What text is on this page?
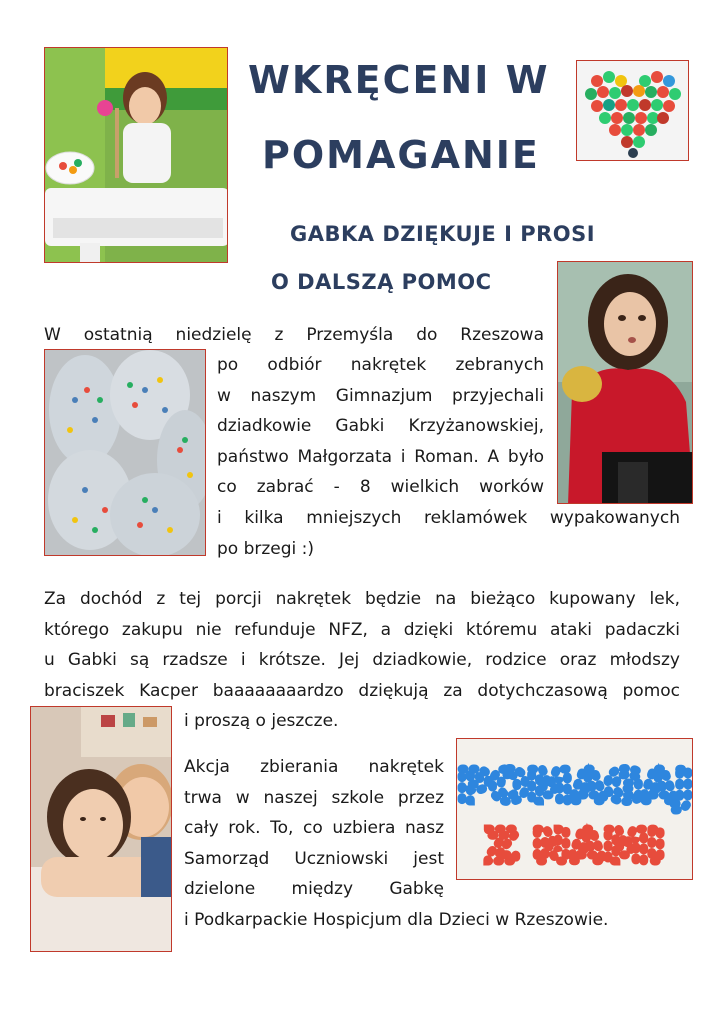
WKRĘCENI W
POMAGANIE
GABKA DZIĘKUJE I PROSI
O DALSZĄ POMOC
W ostatnią niedzielę z Przemyśla do Rzeszowa
po odbiór nakrętek zebranych
w naszym Gimnazjum przyjechali
dziadkowie Gabki Krzyżanowskiej,
państwo Małgorzata i Roman. A było
co zabrać - 8 wielkich worków
i kilka mniejszych reklamówek wypakowanych
po brzegi :)
Za dochód z tej porcji nakrętek będzie na bieżąco kupowany lek,
którego zakupu nie refunduje NFZ, a dzięki któremu ataki padaczki
u Gabki są rzadsze i krótsze. Jej dziadkowie, rodzice oraz młodszy
braciszek Kacper baaaaaaaardzo dziękują za dotychczasową pomoc
i proszą o jeszcze.
Akcja zbierania nakrętek
trwa w naszej szkole przez
cały rok. To, co uzbiera nasz
Samorząd Uczniowski jest
dzielone między Gabkę
i Podkarpackie Hospicjum dla Dzieci w Rzeszowie.
POMAGAJ
Z NAMI
